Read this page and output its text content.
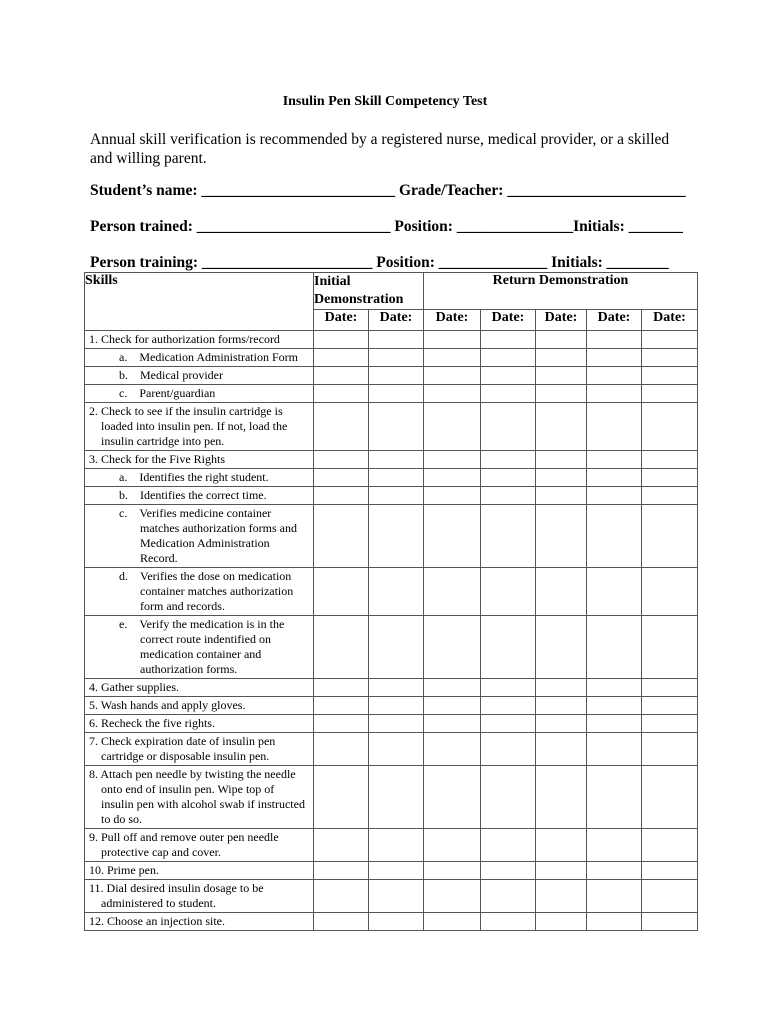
Insulin Pen Skill Competency Test
Annual skill verification is recommended by a registered nurse, medical provider, or a skilled and willing parent.
Student’s name: _________________________ Grade/Teacher: _______________________
Person trained: _________________________ Position: _______________Initials: _______
Person training: ______________________ Position: ______________ Initials: ________
Skills	Initial Demonstration		Return Demonstration				
	Date:	Date:	Date:	Date:	Date:	Date:	Date:

1. Check for authorization forms/record							

a.    Medication Administration Form							

b.    Medical provider							

c.    Parent/guardian							

2. Check to see if the insulin cartridge is loaded into insulin pen. If not, load the insulin cartridge into pen.							

3. Check for the Five Rights							

a.    Identifies the right student.							

b.    Identifies the correct time.							

c.    Verifies medicine container matches authorization forms and Medication Administration Record.							

d.    Verifies the dose on medication container matches authorization form and records.							

e.    Verify the medication is in the correct route indentified on medication container and authorization forms.							

4. Gather supplies.							

5. Wash hands and apply gloves.							

6. Recheck the five rights.							

7. Check expiration date of insulin pen cartridge or disposable insulin pen.							

8. Attach pen needle by twisting the needle onto end of insulin pen. Wipe top of insulin pen with alcohol swab if instructed to do so.							

9. Pull off and remove outer pen needle protective cap and cover.							

10. Prime pen.							

11. Dial desired insulin dosage to be administered to student.							

12. Choose an injection site.							
